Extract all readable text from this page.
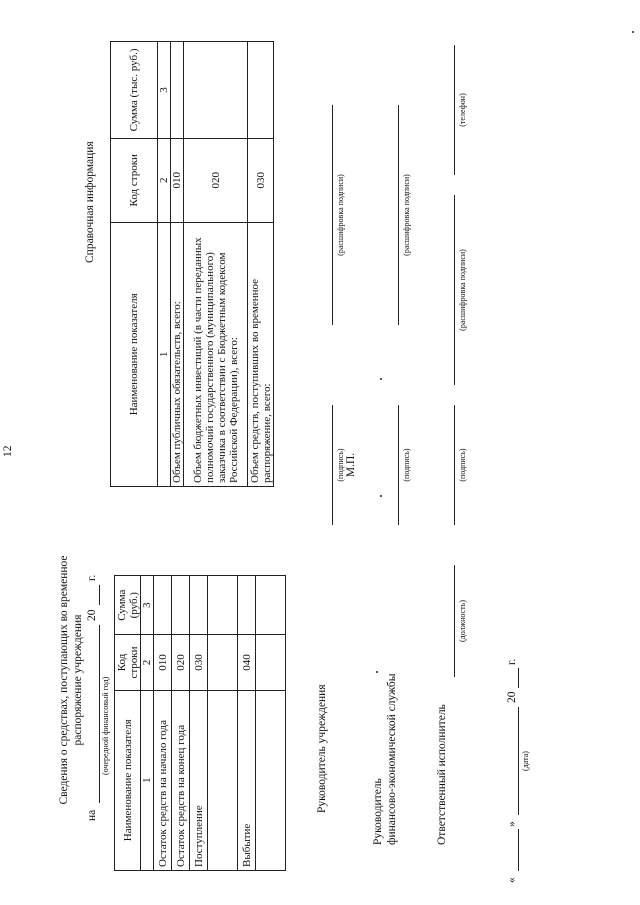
12
Сведения о средствах, поступающих во временное распоряжение учреждения
на
20
г.
(очередной финансовый год) Наименование показателя	Код строки	Сумма (руб.)
1	2	3
Остаток средств на начало года	010	
Остаток средств на конец года	020	
Поступление	030	

Выбытие	040	

Справочная информация
Наименование показателя	Код строки	Сумма (тыс. руб.)
1	2	3
Объем публичных обязательств, всего:	010	
Объем бюджетных инвестиций (в части переданных полномочий государственного (муниципального) заказчика в соответствии с Бюджетным кодексом Российской Федерации), всего:	020	
Объем средств, поступивших во временное распоряжение, всего:	030	
Руководитель учреждения
(подпись) М.П.
(расшифровка подписи)
Руководитель финансово-экономической службы
(подпись)
(расшифровка подписи)
Ответственный исполнитель
(должность)
(подпись)
(расшифровка подписи)
(телефон)
«
»
(дата)
20
г.
